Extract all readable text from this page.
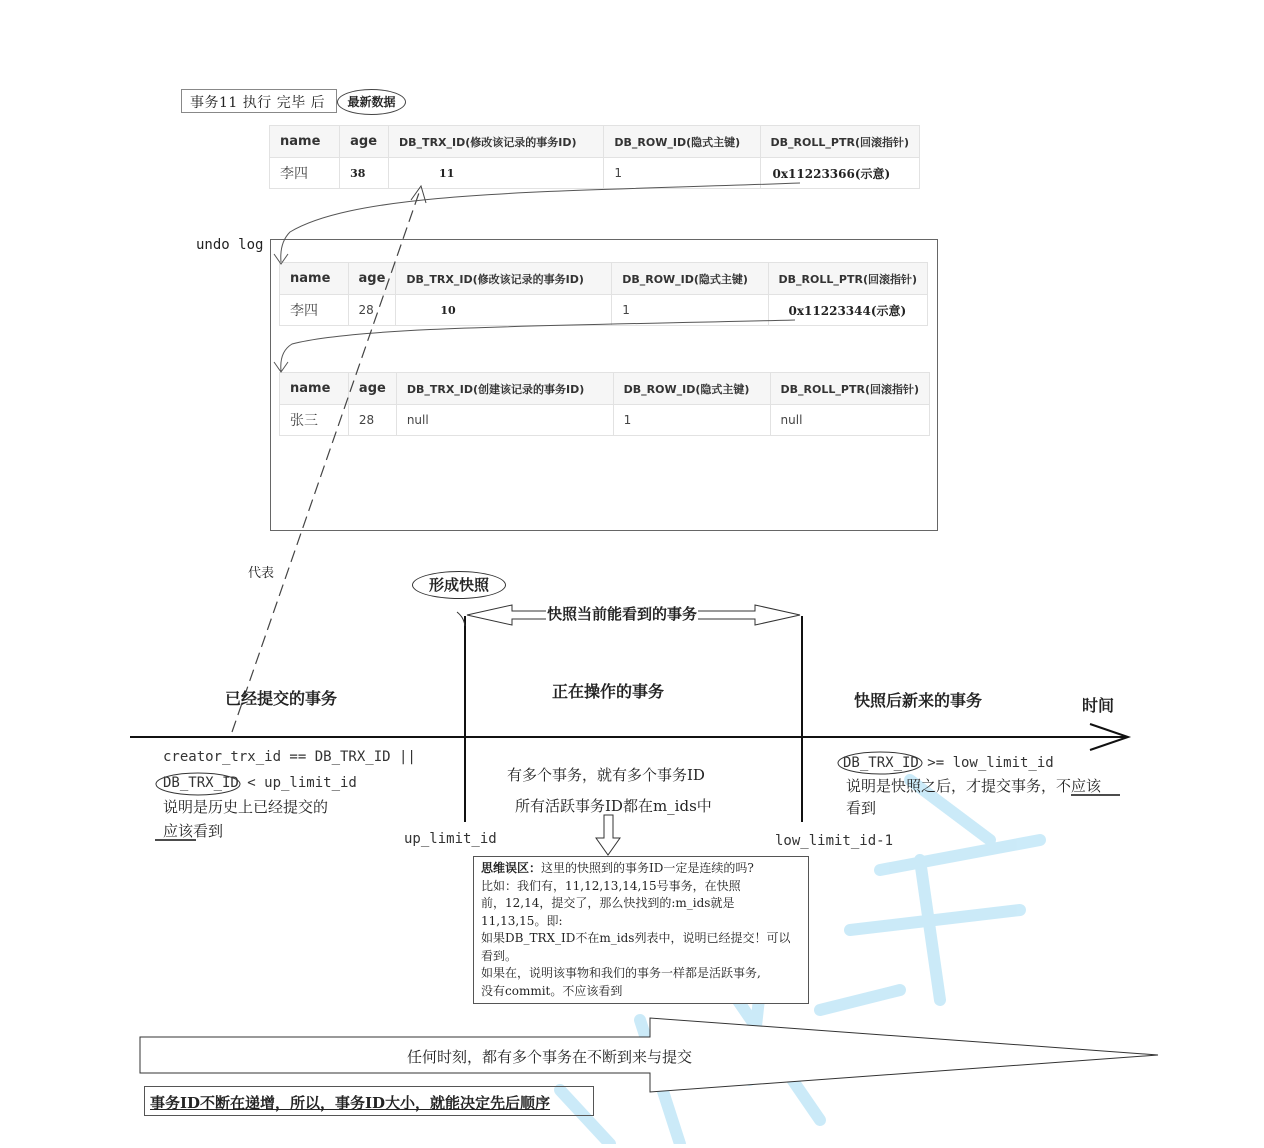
事务11 执行 完毕 后	最新数据
name	age	DB_TRX_ID(修改该记录的事务ID)	DB_ROW_ID(隐式主键)	DB_ROLL_PTR(回滚指针)
李四	38	11	1	0x11223366(示意)
undo log
name	age	DB_TRX_ID(修改该记录的事务ID)	DB_ROW_ID(隐式主键)	DB_ROLL_PTR(回滚指针)
李四	28	10	1	0x11223344(示意)
name	age	DB_TRX_ID(创建该记录的事务ID)	DB_ROW_ID(隐式主键)	DB_ROLL_PTR(回滚指针)
张三	28	null	1	null
代表
形成快照
快照当前能看到的事务
已经提交的事务	正在操作的事务	快照后新来的事务	时间
creator_trx_id == DB_TRX_ID ||
DB_TRX_ID < up_limit_id
说明是历史上已经提交的
应该看到
有多个事务，就有多个事务ID
所有活跃事务ID都在m_ids中
DB_TRX_ID >= low_limit_id
说明是快照之后，才提交事务，不应该
看到
up_limit_id	low_limit_id-1
思维误区：这里的快照到的事务ID一定是连续的吗?
比如：我们有，11,12,13,14,15号事务，在快照
前，12,14，提交了，那么快找到的:m_ids就是
11,13,15。即:
如果DB_TRX_ID不在m_ids列表中，说明已经提交！可以
看到。
如果在，说明该事物和我们的事务一样都是活跃事务,
没有commit。不应该看到
任何时刻，都有多个事务在不断到来与提交
事务ID不断在递增，所以，事务ID大小，就能决定先后顺序
